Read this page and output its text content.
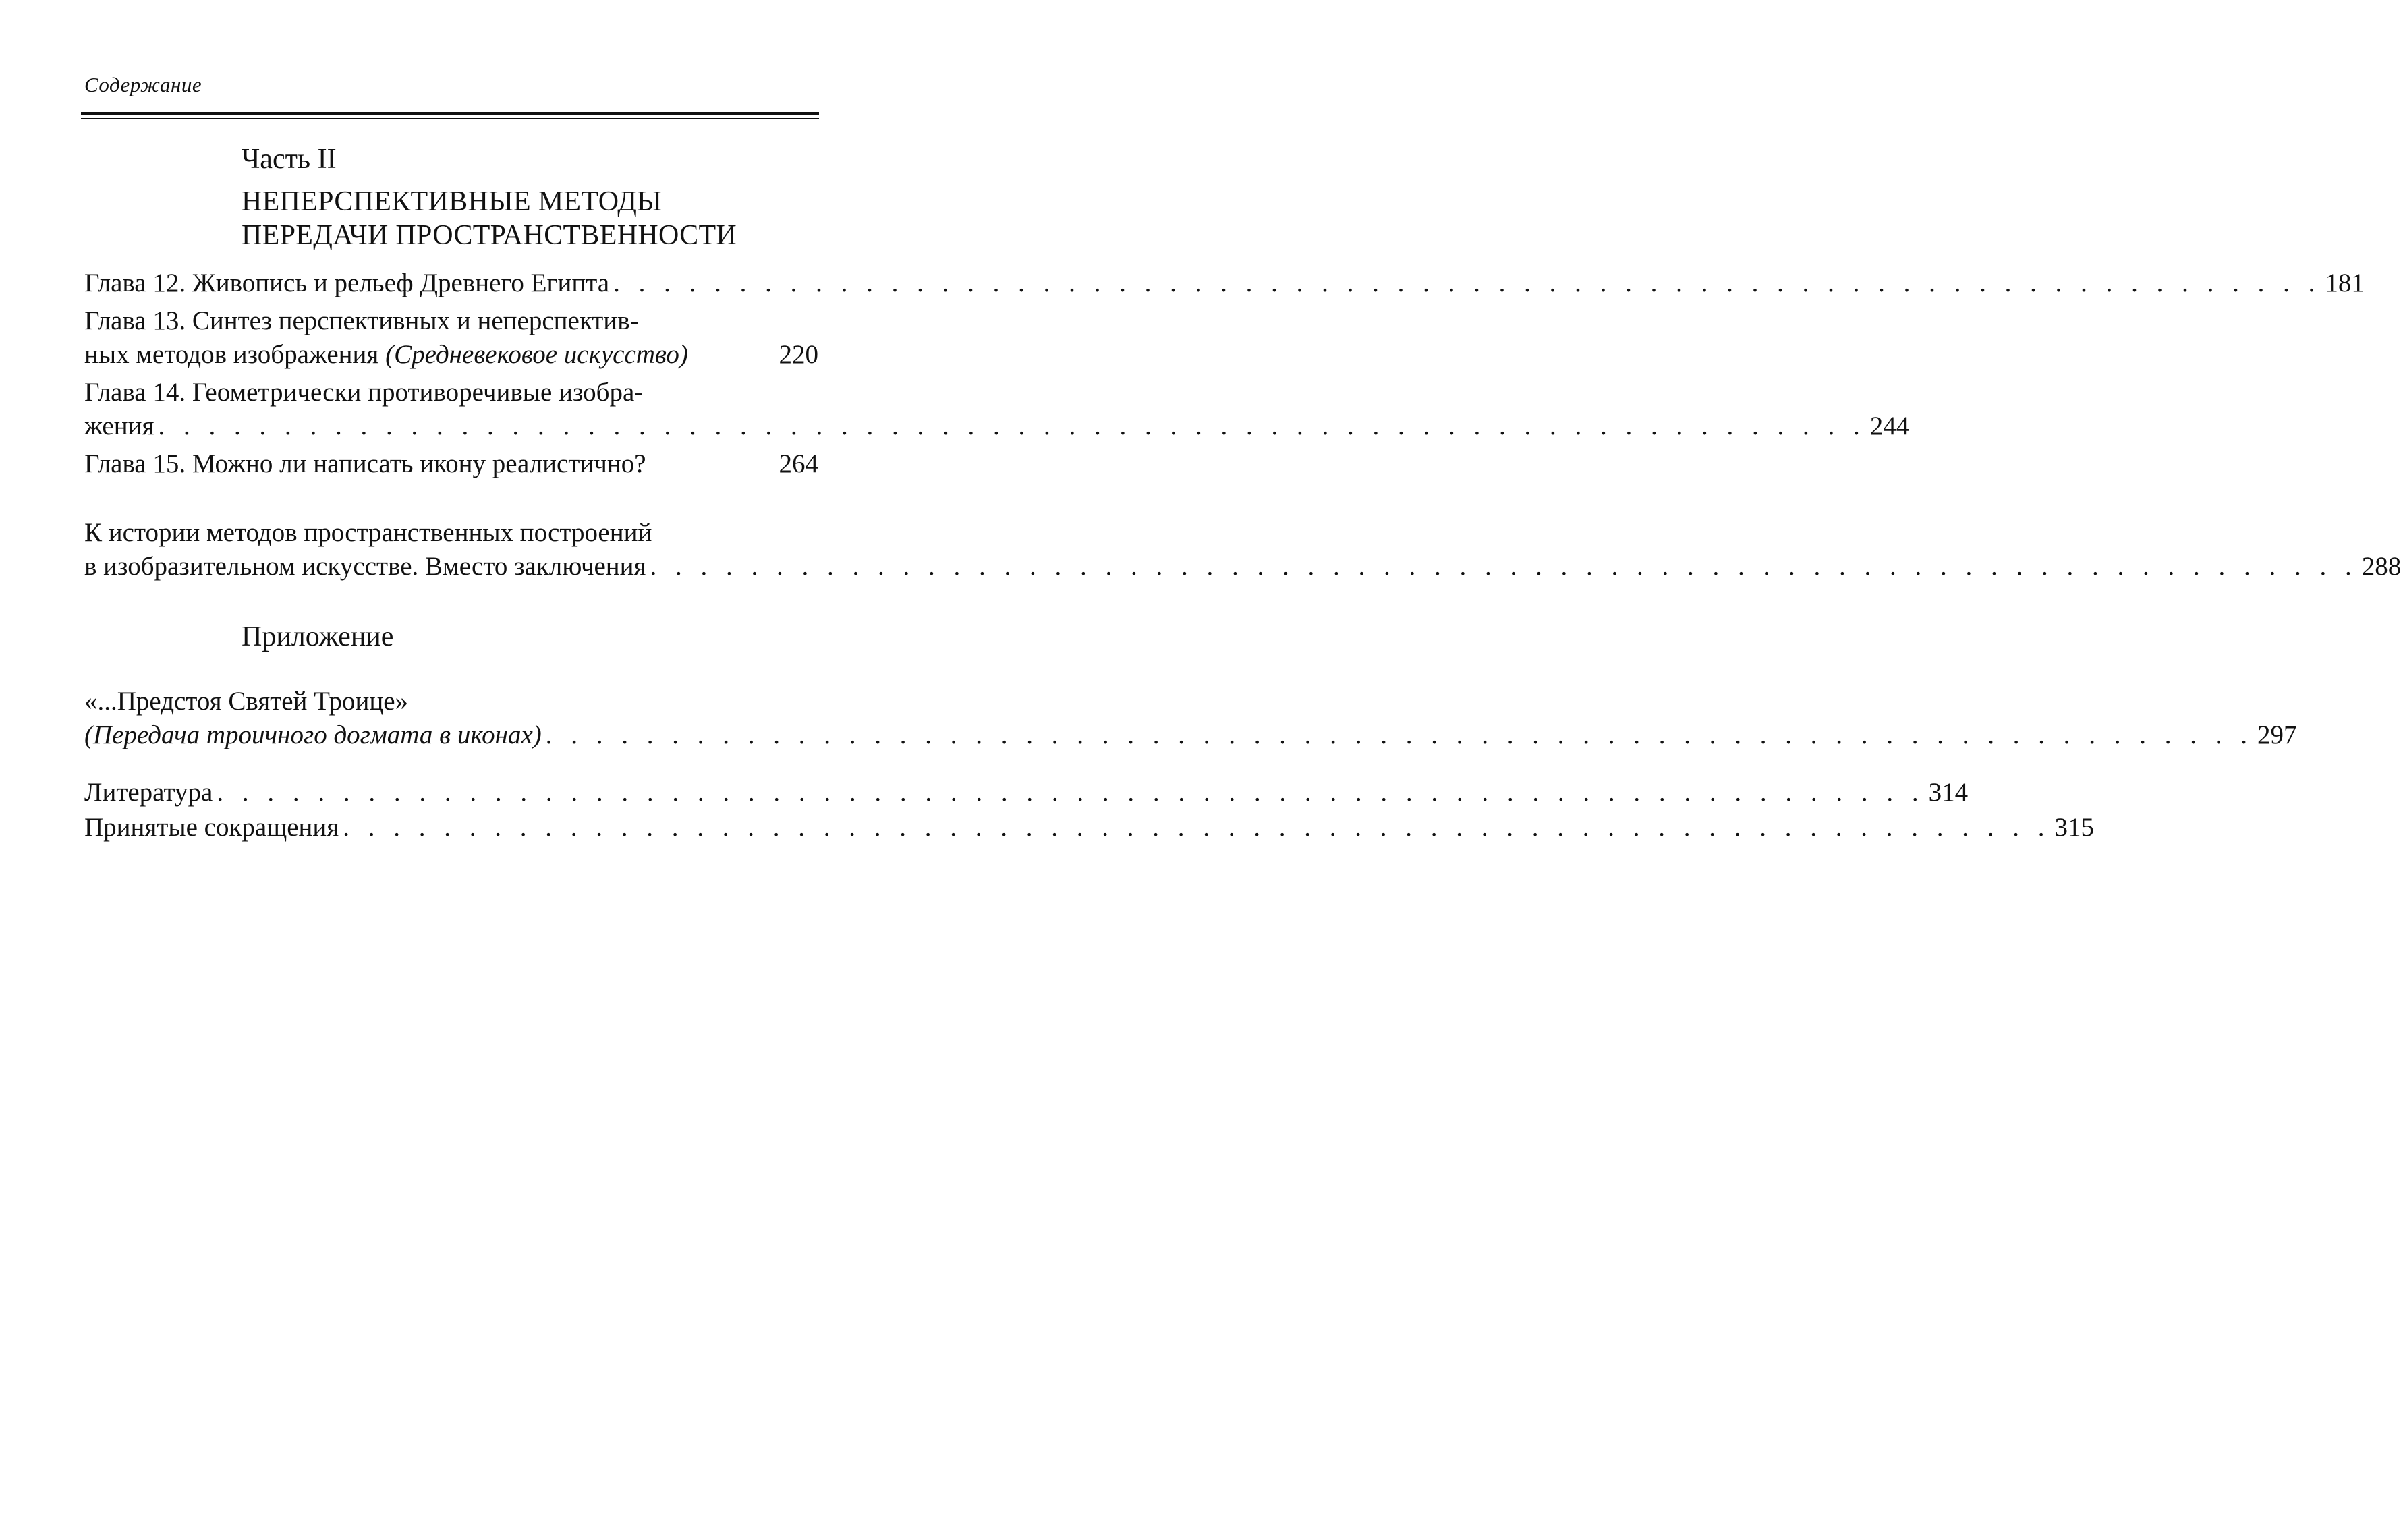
Содержание
Часть II
НЕПЕРСПЕКТИВНЫЕ МЕТОДЫ
ПЕРЕДАЧИ ПРОСТРАНСТВЕННОСТИ
Глава 12. Живопись и рельеф Древнего Египта . . . . . . . . . . . . . . . . . . . . . . . . . . . . . . . . . . . . . . . . . . . . . . . . . . . . . . . . . . . . . . . . . . . . 181
Глава 13. Синтез перспективных и неперспектив-
ных методов изображения (Средневековое искусство)	220
Глава 14. Геометрически противоречивые изобра-
жения . . . . . . . . . . . . . . . . . . . . . . . . . . . . . . . . . . . . . . . . . . . . . . . . . . . . . . . . . . . . . . . . . . . . 244
Глава 15. Можно ли написать икону реалистично?	264
К истории методов пространственных построений
в изобразительном искусстве. Вместо заключения . . . . . . . . . . . . . . . . . . . . . . . . . . . . . . . . . . . . . . . . . . . . . . . . . . . . . . . . . . . . . . . . . . . . 288
Приложение
«...Предстоя Святей Троице»
(Передача троичного догмата в иконах) . . . . . . . . . . . . . . . . . . . . . . . . . . . . . . . . . . . . . . . . . . . . . . . . . . . . . . . . . . . . . . . . . . . . 297
Литература . . . . . . . . . . . . . . . . . . . . . . . . . . . . . . . . . . . . . . . . . . . . . . . . . . . . . . . . . . . . . . . . . . . . 314
Принятые сокращения . . . . . . . . . . . . . . . . . . . . . . . . . . . . . . . . . . . . . . . . . . . . . . . . . . . . . . . . . . . . . . . . . . . . 315
